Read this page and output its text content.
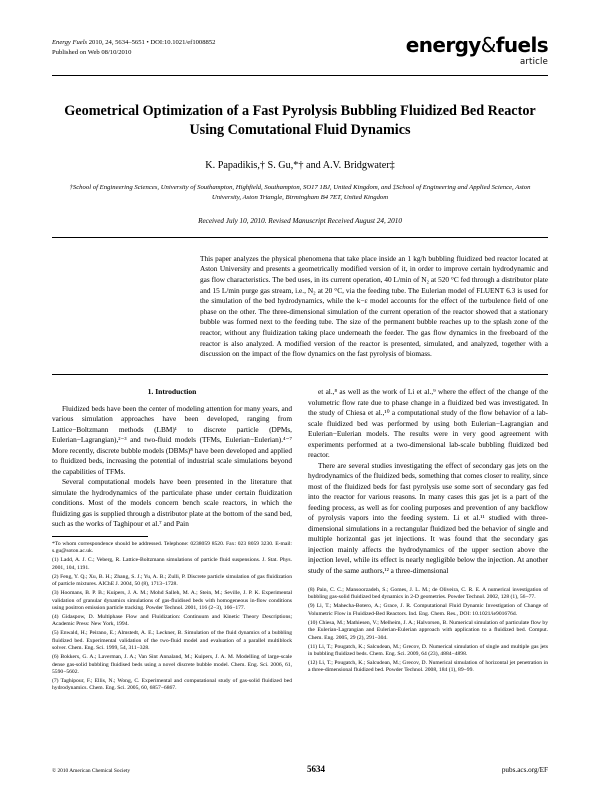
Energy Fuels 2010, 24, 5634–5651 • DOI:10.1021/ef1008852
Published on Web 08/10/2010	energy&fuels
article
Geometrical Optimization of a Fast Pyrolysis Bubbling Fluidized Bed Reactor Using Comutational Fluid Dynamics
K. Papadikis,† S. Gu,*† and A.V. Bridgwater‡
†School of Engineering Sciences, University of Southampton, Highfield, Southampton, SO17 1BJ, United Kingdom, and ‡School of Engineering and Applied Science, Aston University, Aston Triangle, Birmingham B4 7ET, United Kingdom
Received July 10, 2010. Revised Manuscript Received August 24, 2010
This paper analyzes the physical phenomena that take place inside an 1 kg/h bubbling fluidized bed reactor located at Aston University and presents a geometrically modified version of it, in order to improve certain hydrodynamic and gas flow characteristics. The bed uses, in its current operation, 40 L/min of N₂ at 520 °C fed through a distributor plate and 15 L/min purge gas stream, i.e., N₂ at 20 °C, via the feeding tube. The Eulerian model of FLUENT 6.3 is used for the simulation of the bed hydrodynamics, while the k−ε model accounts for the effect of the turbulence field of one phase on the other. The three-dimensional simulation of the current operation of the reactor showed that a stationary bubble was formed next to the feeding tube. The size of the permanent bubble reaches up to the splash zone of the reactor, without any fluidization taking place underneath the feeder. The gas flow dynamics in the freeboard of the reactor is also analyzed. A modified version of the reactor is presented, simulated, and analyzed, together with a discussion on the impact of the flow dynamics on the fast pyrolysis of biomass.
1. Introduction

Fluidized beds have been the center of modeling attention for many years, and various simulation approaches have been developed, ranging from Lattice−Boltzmann methods (LBM)¹ to discrete particle (DPMs, Eulerian−Lagrangian),²⁻³ and two-fluid models (TFMs, Eulerian−Eulerian).⁴⁻⁷ More recently, discrete bubble models (DBMs)⁸ have been developed and applied to fluidized beds, increasing the potential of industrial scale simulations beyond the capabilities of TFMs.

Several computational models have been presented in the literature that simulate the hydrodynamics of the particulate phase under certain fluidization conditions. Most of the models concern bench scale reactors, in which the fluidizing gas is supplied through a distributor plate at the bottom of the sand bed, such as the works of Taghipour et al.⁷ and Pain

*To whom correspondence should be addressed. Telephone: 0238059 8520. Fax: 023 8059 3230. E-mail: s.gu@soton.ac.uk.
(1) Ladd, A. J. C.; Veberg, R. Lattice-Boltzmann simulations of particle fluid suspensions. J. Stat. Phys. 2001, 104, 1191.
(2) Feng, Y. Q.; Xu, B. H.; Zhang, S. J.; Yu, A. B.; Zulli, P. Discrete particle simulation of gas fluidization of particle mixtures. AIChE J. 2004, 50 (8), 1713−1728.
(3) Hoomans, B. P. B.; Kuipers, J. A. M.; Mohd Salleh, M. A.; Stein, M.; Seville, J. P. K. Experimental validation of granular dynamics simulations of gas-fluidised beds with homogeneous in-flow conditions using positron emission particle tracking. Powder Technol. 2001, 116 (2−3), 166−177.
(4) Gidaspow, D. Multiphase Flow and Fluidization: Continuum and Kinetic Theory Descriptions; Academic Press: New York, 1994.
(5) Enwald, H.; Peirano, E.; Almstedt, A. E.; Leckner, B. Simulation of the fluid dynamics of a bubbling fluidized bed. Experimental validation of the two-fluid model and evaluation of a parallel multiblock solver. Chem. Eng. Sci. 1999, 54, 311−328.
(6) Bokkers, G. A.; Laverman, J. A.; Van Sint Annaland, M.; Kuipers, J. A. M. Modelling of large-scale dense gas-solid bubbling fluidised beds using a novel discrete bubble model. Chem. Eng. Sci. 2006, 61, 5590−5602.
(7) Taghipour, F.; Ellis, N.; Wong, C. Experimental and computational study of gas-solid fluidized bed hydrodynamics. Chem. Eng. Sci. 2005, 60, 6857−6867.

et al.,⁸ as well as the work of Li et al.,⁹ where the effect of the change of the volumetric flow rate due to phase change in a fluidized bed was investigated. In the study of Chiesa et al.,¹⁰ a computational study of the flow behavior of a lab-scale fluidized bed was performed by using both Eulerian−Lagrangian and Eulerian−Eulerian models. The results were in very good agreement with experiments performed at a two-dimensional lab-scale bubbling fluidized bed reactor.

There are several studies investigating the effect of secondary gas jets on the hydrodynamics of the fluidized beds, something that comes closer to reality, since most of the fluidized beds for fast pyrolysis use some sort of secondary gas fed into the reactor for various reasons. In many cases this gas jet is a part of the feeding process, as well as for cooling purposes and prevention of any backflow of pyrolysis vapors into the feeding system. Li et al.¹¹ studied with three-dimensional simulations in a rectangular fluidized bed the behavior of single and multiple horizontal gas jet injections. It was found that the secondary gas injection mainly affects the hydrodynamics of the upper section above the injection level, while its effect is nearly negligible below the injection. At another study of the same authors,¹² a three-dimensional

(8) Pain, C. C.; Mansoorzadeh, S.; Gomes, J. L. M.; de Oliveira, C. R. E. A numerical investigation of bubbling gas-solid fluidized bed dynamics in 2-D geometries. Powder Technol. 2002, 128 (1), 56−77.
(9) Li, T.; Mahecha-Botero, A.; Grace, J. R. Computational Fluid Dynamic Investigation of Change of Volumetric Flow in Fluidized-Bed Reactors. Ind. Eng. Chem. Res., DOI: 10.1021/ie901676d.
(10) Chiesa, M.; Mathiesen, V.; Melheim, J. A.; Halvorsen, B. Numerical simulation of particulate flow by the Eulerian-Lagrangian and Eulerian-Eulerian approach with application to a fluidized bed. Comput. Chem. Eng. 2005, 29 (2), 291−304.
(11) Li, T.; Pougatch, K.; Salcudean, M.; Grecov, D. Numerical simulation of single and multiple gas jets in bubbling fluidized beds. Chem. Eng. Sci. 2009, 64 (23), 4884−4898.
(12) Li, T.; Pougatch, K.; Salcudean, M.; Grecov, D. Numerical simulation of horizontal jet penetration in a three-dimensional fluidized bed. Powder Technol. 2008, 184 (1), 89−99.
© 2010 American Chemical Society	5634	pubs.acs.org/EF
